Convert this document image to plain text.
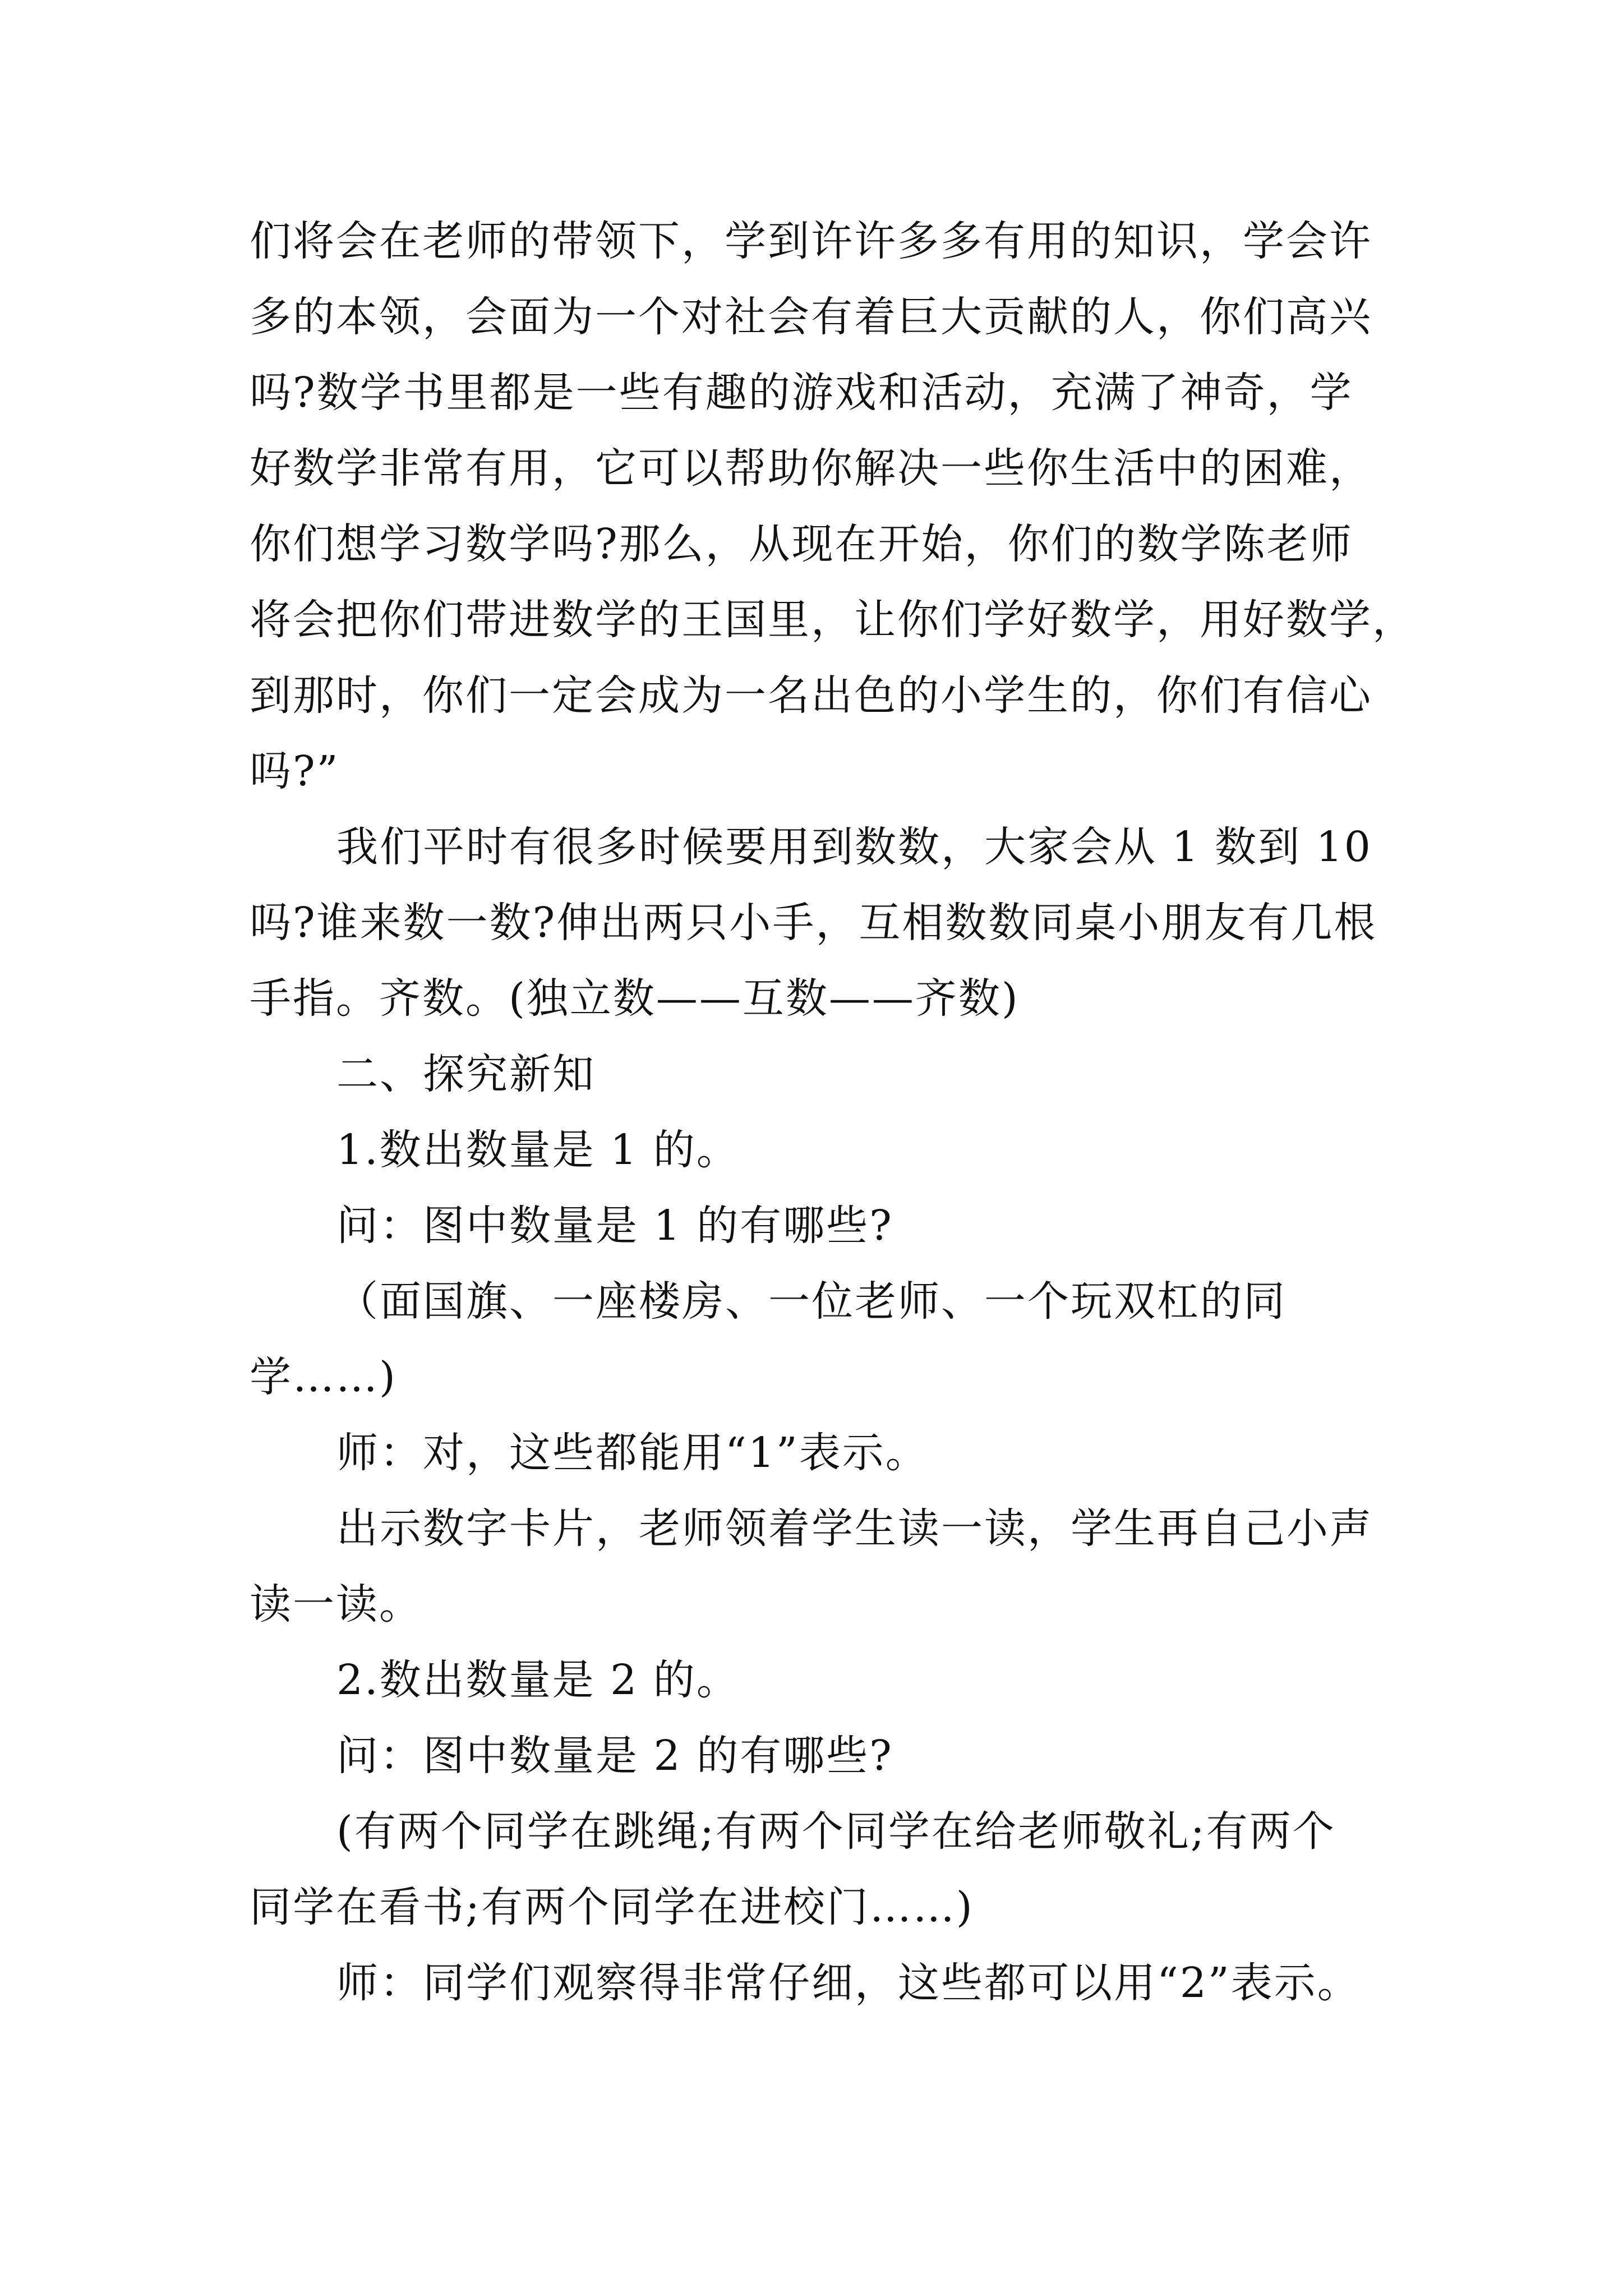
们将会在老师的带领下，学到许许多多有用的知识，学会许
多的本领，会面为一个对社会有着巨大贡献的人，你们高兴
吗?数学书里都是一些有趣的游戏和活动，充满了神奇，学
好数学非常有用，它可以帮助你解决一些你生活中的困难，
你们想学习数学吗?那么，从现在开始，你们的数学陈老师
将会把你们带进数学的王国里，让你们学好数学，用好数学，
到那时，你们一定会成为一名出色的小学生的，你们有信心
吗?”
我们平时有很多时候要用到数数，大家会从 1 数到 10
吗?谁来数一数?伸出两只小手，互相数数同桌小朋友有几根
手指。齐数。(独立数——互数——齐数)
二、探究新知
1.数出数量是 1 的。
问：图中数量是 1 的有哪些?
（面国旗、一座楼房、一位老师、一个玩双杠的同
学……)
师：对，这些都能用“1”表示。
出示数字卡片，老师领着学生读一读，学生再自己小声
读一读。
2.数出数量是 2 的。
问：图中数量是 2 的有哪些?
(有两个同学在跳绳;有两个同学在给老师敬礼;有两个
同学在看书;有两个同学在进校门……)
师：同学们观察得非常仔细，这些都可以用“2”表示。
